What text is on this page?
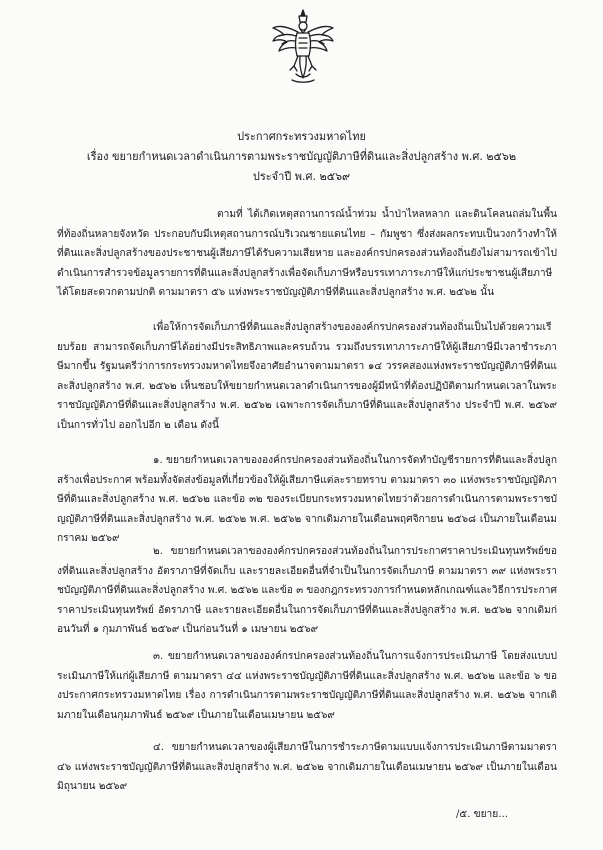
ประกาศกระทรวงมหาดไทย
เรื่อง ขยายกำหนดเวลาดำเนินการตามพระราชบัญญัติภาษีที่ดินและสิ่งปลูกสร้าง พ.ศ. ๒๕๖๒
ประจำปี พ.ศ. ๒๕๖๙
ตามที่ ได้เกิดเหตุสถานการณ์น้ำท่วม น้ำป่าไหลหลาก และดินโคลนถล่มในพื้นที่ท้องถิ่นหลายจังหวัด ประกอบกับมีเหตุสถานการณ์บริเวณชายแดนไทย – กัมพูชา ซึ่งส่งผลกระทบเป็นวงกว้างทำให้ที่ดินและสิ่งปลูกสร้างของประชาชนผู้เสียภาษีได้รับความเสียหาย และองค์กรปกครองส่วนท้องถิ่นยังไม่สามารถเข้าไปดำเนินการสำรวจข้อมูลรายการที่ดินและสิ่งปลูกสร้างเพื่อจัดเก็บภาษีหรือบรรเทาภาระภาษีให้แก่ประชาชนผู้เสียภาษีได้โดยสะดวกตามปกติ ตามมาตรา ๕๖ แห่งพระราชบัญญัติภาษีที่ดินและสิ่งปลูกสร้าง พ.ศ. ๒๕๖๒ นั้น
เพื่อให้การจัดเก็บภาษีที่ดินและสิ่งปลูกสร้างขององค์กรปกครองส่วนท้องถิ่นเป็นไปด้วยความเรียบร้อย สามารถจัดเก็บภาษีได้อย่างมีประสิทธิภาพและครบถ้วน รวมถึงบรรเทาภาระภาษีให้ผู้เสียภาษีมีเวลาชำระภาษีมากขึ้น รัฐมนตรีว่าการกระทรวงมหาดไทยจึงอาศัยอำนาจตามมาตรา ๑๔ วรรคสองแห่งพระราชบัญญัติภาษีที่ดินและสิ่งปลูกสร้าง พ.ศ. ๒๕๖๒ เห็นชอบให้ขยายกำหนดเวลาดำเนินการของผู้มีหน้าที่ต้องปฏิบัติตามกำหนดเวลาในพระราชบัญญัติภาษีที่ดินและสิ่งปลูกสร้าง พ.ศ. ๒๕๖๒ เฉพาะการจัดเก็บภาษีที่ดินและสิ่งปลูกสร้าง ประจำปี พ.ศ. ๒๕๖๙ เป็นการทั่วไป ออกไปอีก ๒ เดือน ดังนี้
๑. ขยายกำหนดเวลาขององค์กรปกครองส่วนท้องถิ่นในการจัดทำบัญชีรายการที่ดินและสิ่งปลูกสร้างเพื่อประกาศ พร้อมทั้งจัดส่งข้อมูลที่เกี่ยวข้องให้ผู้เสียภาษีแต่ละรายทราบ ตามมาตรา ๓๐ แห่งพระราชบัญญัติภาษีที่ดินและสิ่งปลูกสร้าง พ.ศ. ๒๕๖๒ และข้อ ๓๒ ของระเบียบกระทรวงมหาดไทยว่าด้วยการดำเนินการตามพระราชบัญญัติภาษีที่ดินและสิ่งปลูกสร้าง พ.ศ. ๒๕๖๒ พ.ศ. ๒๕๖๒ จากเดิมภายในเดือนพฤศจิกายน ๒๕๖๘ เป็นภายในเดือนมกราคม ๒๕๖๙
๒. ขยายกำหนดเวลาขององค์กรปกครองส่วนท้องถิ่นในการประกาศราคาประเมินทุนทรัพย์ของที่ดินและสิ่งปลูกสร้าง อัตราภาษีที่จัดเก็บ และรายละเอียดอื่นที่จำเป็นในการจัดเก็บภาษี ตามมาตรา ๓๙ แห่งพระราชบัญญัติภาษีที่ดินและสิ่งปลูกสร้าง พ.ศ. ๒๕๖๒ และข้อ ๓ ของกฎกระทรวงการกำหนดหลักเกณฑ์และวิธีการประกาศราคาประเมินทุนทรัพย์ อัตราภาษี และรายละเอียดอื่นในการจัดเก็บภาษีที่ดินและสิ่งปลูกสร้าง พ.ศ. ๒๕๖๒ จากเดิมก่อนวันที่ ๑ กุมภาพันธ์ ๒๕๖๙ เป็นก่อนวันที่ ๑ เมษายน ๒๕๖๙
๓. ขยายกำหนดเวลาขององค์กรปกครองส่วนท้องถิ่นในการแจ้งการประเมินภาษี โดยส่งแบบประเมินภาษีให้แก่ผู้เสียภาษี ตามมาตรา ๔๔ แห่งพระราชบัญญัติภาษีที่ดินและสิ่งปลูกสร้าง พ.ศ. ๒๕๖๒ และข้อ ๖ ของประกาศกระทรวงมหาดไทย เรื่อง การดำเนินการตามพระราชบัญญัติภาษีที่ดินและสิ่งปลูกสร้าง พ.ศ. ๒๕๖๒ จากเดิมภายในเดือนกุมภาพันธ์ ๒๕๖๙ เป็นภายในเดือนเมษายน ๒๕๖๙
๔. ขยายกำหนดเวลาของผู้เสียภาษีในการชำระภาษีตามแบบแจ้งการประเมินภาษีตามมาตรา ๔๖ แห่งพระราชบัญญัติภาษีที่ดินและสิ่งปลูกสร้าง พ.ศ. ๒๕๖๒ จากเดิมภายในเดือนเมษายน ๒๕๖๙ เป็นภายในเดือนมิถุนายน ๒๕๖๙
/๕. ขยาย...
